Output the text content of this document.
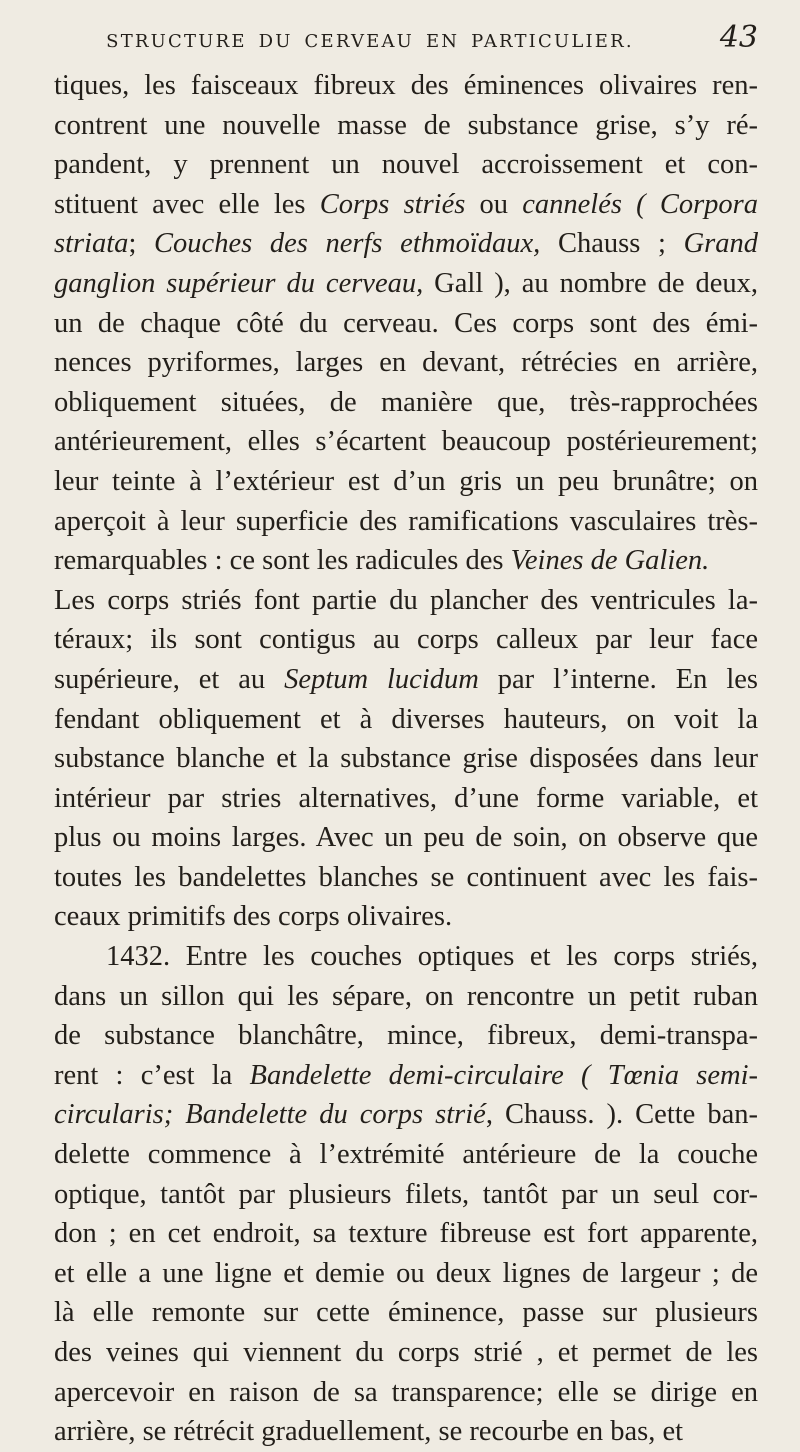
STRUCTURE DU CERVEAU EN PARTICULIER.	43
tiques, les faisceaux fibreux des éminences olivaires ren-
contrent une nouvelle masse de substance grise, s’y ré-
pandent, y prennent un nouvel accroissement et con-
stituent avec elle les Corps striés ou cannelés ( Corpora
striata; Couches des nerfs ethmoïdaux, Chauss ; Grand
ganglion supérieur du cerveau, Gall ), au nombre de deux,
un de chaque côté du cerveau. Ces corps sont des émi-
nences pyriformes, larges en devant, rétrécies en arrière,
obliquement situées, de manière que, très-rapprochées
antérieurement, elles s’écartent beaucoup postérieurement;
leur teinte à l’extérieur est d’un gris un peu brunâtre; on
aperçoit à leur superficie des ramifications vasculaires très-
remarquables : ce sont les radicules des Veines de Galien.
Les corps striés font partie du plancher des ventricules la-
téraux; ils sont contigus au corps calleux par leur face
supérieure, et au Septum lucidum par l’interne. En les
fendant obliquement et à diverses hauteurs, on voit la
substance blanche et la substance grise disposées dans leur
intérieur par stries alternatives, d’une forme variable, et
plus ou moins larges. Avec un peu de soin, on observe que
toutes les bandelettes blanches se continuent avec les fais-
ceaux primitifs des corps olivaires.
1432. Entre les couches optiques et les corps striés,
dans un sillon qui les sépare, on rencontre un petit ruban
de substance blanchâtre, mince, fibreux, demi-transpa-
rent : c’est la Bandelette demi-circulaire ( Tœnia semi-
circularis; Bandelette du corps strié, Chauss. ). Cette ban-
delette commence à l’extrémité antérieure de la couche
optique, tantôt par plusieurs filets, tantôt par un seul cor-
don ; en cet endroit, sa texture fibreuse est fort apparente,
et elle a une ligne et demie ou deux lignes de largeur ; de
là elle remonte sur cette éminence, passe sur plusieurs
des veines qui viennent du corps strié , et permet de les
apercevoir en raison de sa transparence; elle se dirige en
arrière, se rétrécit graduellement, se recourbe en bas, et
